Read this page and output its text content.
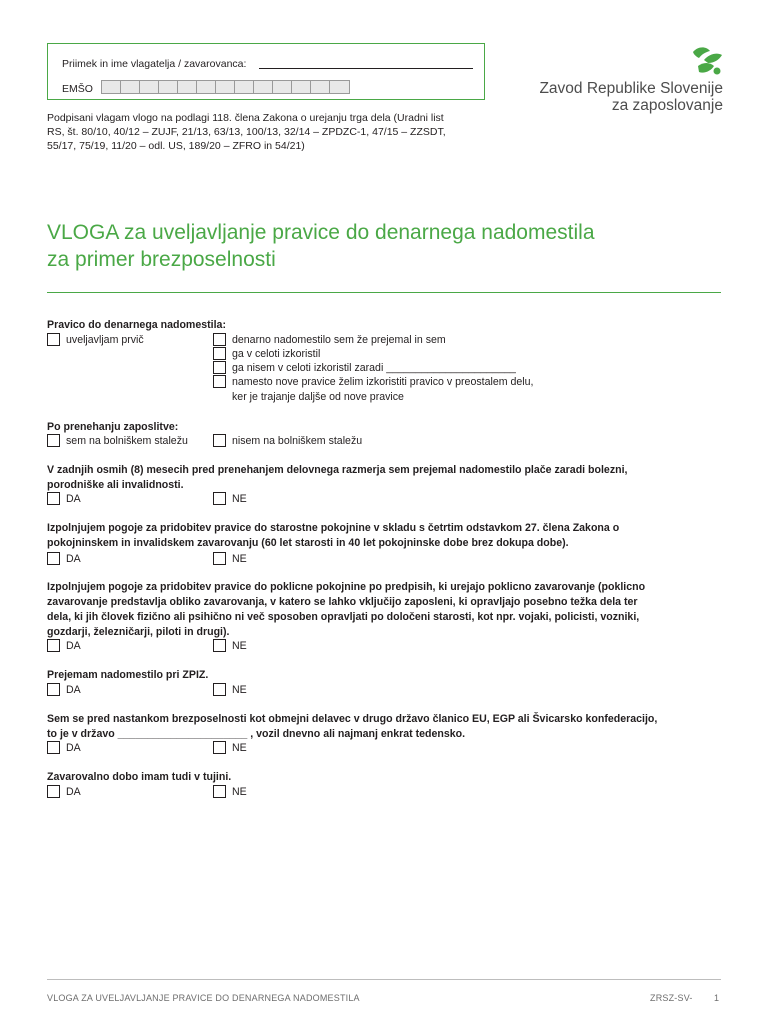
Priimek in ime vlagatelja / zavarovanca:
EMŠO	Zavod Republike Slovenije
za zaposlovanje
Podpisani vlagam vlogo na podlagi 118. člena Zakona o urejanju trga dela (Uradni list
RS, št. 80/10, 40/12 – ZUJF, 21/13, 63/13, 100/13, 32/14 – ZPDZC-1, 47/15 – ZZSDT,
55/17, 75/19, 11/20 – odl. US, 189/20 – ZFRO in 54/21)
VLOGA za uveljavljanje pravice do denarnega nadomestila
za primer brezposelnosti
Pravico do denarnega nadomestila:
uveljavljam prvič	denarno nadomestilo sem že prejemal in sem
ga v celoti izkoristil
ga nisem v celoti izkoristil zaradi ______________________
namesto nove pravice želim izkoristiti pravico v preostalem delu,
ker je trajanje daljše od nove pravice
Po prenehanju zaposlitve:
sem na bolniškem staležu	nisem na bolniškem staležu
V zadnjih osmih (8) mesecih pred prenehanjem delovnega razmerja sem prejemal nadomestilo plače zaradi bolezni,
porodniške ali invalidnosti.
DA	NE
Izpolnjujem pogoje za pridobitev pravice do starostne pokojnine v skladu s četrtim odstavkom 27. člena Zakona o
pokojninskem in invalidskem zavarovanju (60 let starosti in 40 let pokojninske dobe brez dokupa dobe).
DA	NE
Izpolnjujem pogoje za pridobitev pravice do poklicne pokojnine po predpisih, ki urejajo poklicno zavarovanje (poklicno
zavarovanje predstavlja obliko zavarovanja, v katero se lahko vključijo zaposleni, ki opravljajo posebno težka dela ter
dela, ki jih človek fizično ali psihično ni več sposoben opravljati po določeni starosti, kot npr. vojaki, policisti, vozniki,
gozdarji, železničarji, piloti in drugi).
DA	NE
Prejemam nadomestilo pri ZPIZ.
DA	NE
Sem se pred nastankom brezposelnosti kot obmejni delavec v drugo državo članico EU, EGP ali Švicarsko konfederacijo,
to je v državo ______________________ , vozil dnevno ali najmanj enkrat tedensko.
DA	NE
Zavarovalno dobo imam tudi v tujini.
DA	NE
VLOGA ZA UVELJAVLJANJE PRAVICE DO DENARNEGA NADOMESTILA	ZRSZ-SV- 1
